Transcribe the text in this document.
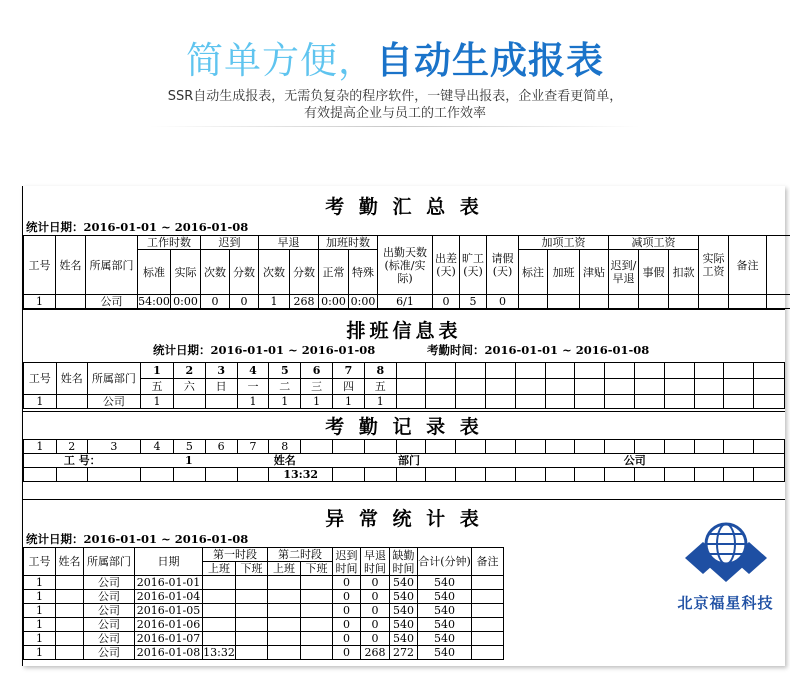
简单方便，自动生成报表
SSR自动生成报表，无需负复杂的程序软件，一键导出报表，企业查看更简单，
有效提高企业与员工的工作效率
考 勤 汇 总 表
统计日期：2016-01-01 ~ 2016-01-08
工号	姓名	所属部门	工作时数		迟到		早退		加班时数		出勤天数(标准/实际)	出差(天)	旷工(天)	请假(天)	加项工资			减项工资			实际工资	备注	
			标准	实际	次数	分数	次数	分数	正常	特殊					标注	加班	津贴	迟到/早退	事假	扣款			
1		公司	54:00	0:00	0	0	1	268	0:00	0:00	6/1	0	5	0									
排班信息表
统计日期：2016-01-01 ~ 2016-01-08	考勤时间：2016-01-01 ~ 2016-01-08
工号	姓名	所属部门	1	2	3	4	5	6	7	8													
			五	六	日	一	二	三	四	五													
1		公司	1			1	1	1	1	1													
考 勤 记 录 表
1	2	3	4	5	6	7	8																
工 号：			1			姓名			部门					公司									
							13:32																
异 常 统 计 表
统计日期：2016-01-01 ~ 2016-01-08
工号	姓名	所属部门	日期	第一时段		第二时段		迟到时间	早退时间	缺勤时间	合计(分钟)	备注
				上班	下班	上班	下班					
1		公司	2016-01-01					0	0	540	540	
1		公司	2016-01-04					0	0	540	540	
1		公司	2016-01-05					0	0	540	540	
1		公司	2016-01-06					0	0	540	540	
1		公司	2016-01-07					0	0	540	540	
1		公司	2016-01-08	13:32				0	268	272	540	
北京福星科技
